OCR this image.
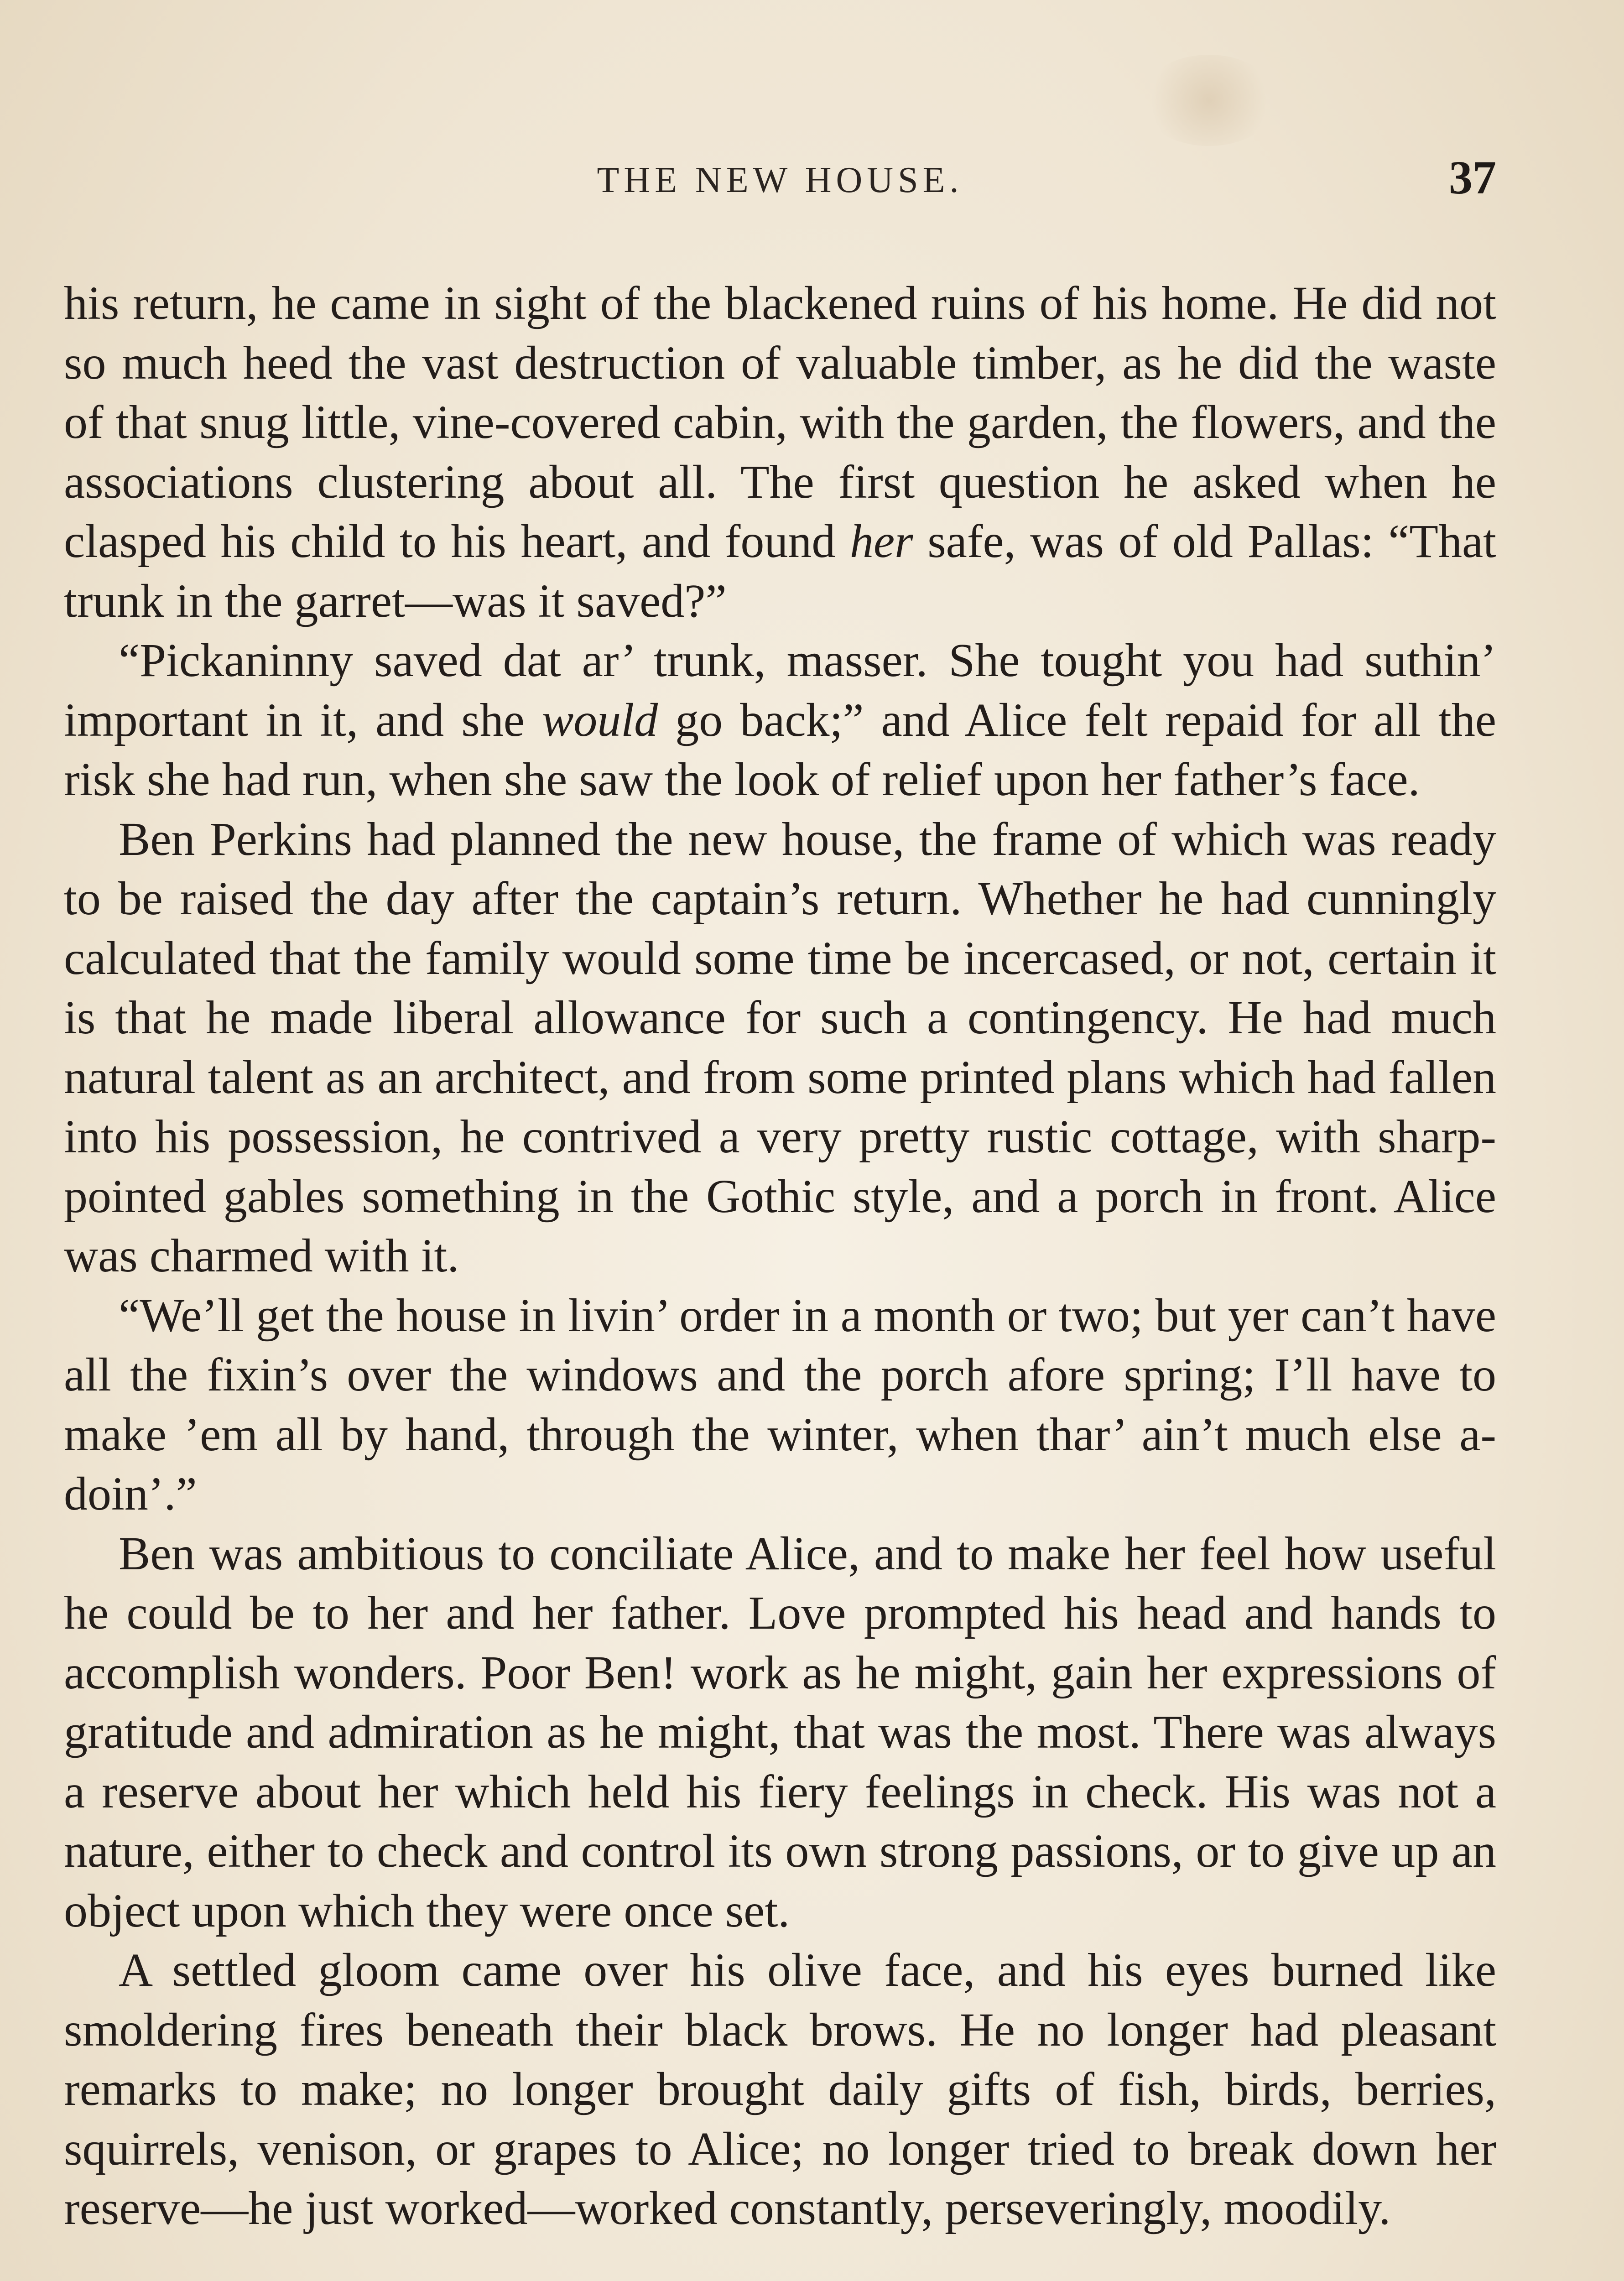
THE NEW HOUSE.	37

his return, he came in sight of the blackened ruins of his home. He did not so much heed the vast destruction of valuable timber, as he did the waste of that snug little, vine-covered cabin, with the garden, the flowers, and the associations clustering about all. The first question he asked when he clasped his child to his heart, and found her safe, was of old Pallas: “That trunk in the garret—was it saved?”

“Pickaninny saved dat ar’ trunk, masser. She tought you had suthin’ important in it, and she would go back;” and Alice felt repaid for all the risk she had run, when she saw the look of relief upon her father’s face.

Ben Perkins had planned the new house, the frame of which was ready to be raised the day after the captain’s return. Whether he had cunningly calculated that the family would some time be incercased, or not, certain it is that he made liberal allowance for such a contingency. He had much natural talent as an architect, and from some printed plans which had fallen into his possession, he contrived a very pretty rustic cottage, with sharp-pointed gables something in the Gothic style, and a porch in front. Alice was charmed with it.

“We’ll get the house in livin’ order in a month or two; but yer can’t have all the fixin’s over the windows and the porch afore spring; I’ll have to make ’em all by hand, through the winter, when thar’ ain’t much else a-doin’.”

Ben was ambitious to conciliate Alice, and to make her feel how useful he could be to her and her father. Love prompted his head and hands to accomplish wonders. Poor Ben! work as he might, gain her expressions of gratitude and admiration as he might, that was the most. There was always a reserve about her which held his fiery feelings in check. His was not a nature, either to check and control its own strong passions, or to give up an object upon which they were once set.

A settled gloom came over his olive face, and his eyes burned like smoldering fires beneath their black brows. He no longer had pleasant remarks to make; no longer brought daily gifts of fish, birds, berries, squirrels, venison, or grapes to Alice; no longer tried to break down her reserve—he just worked—worked constantly, perseveringly, moodily.
